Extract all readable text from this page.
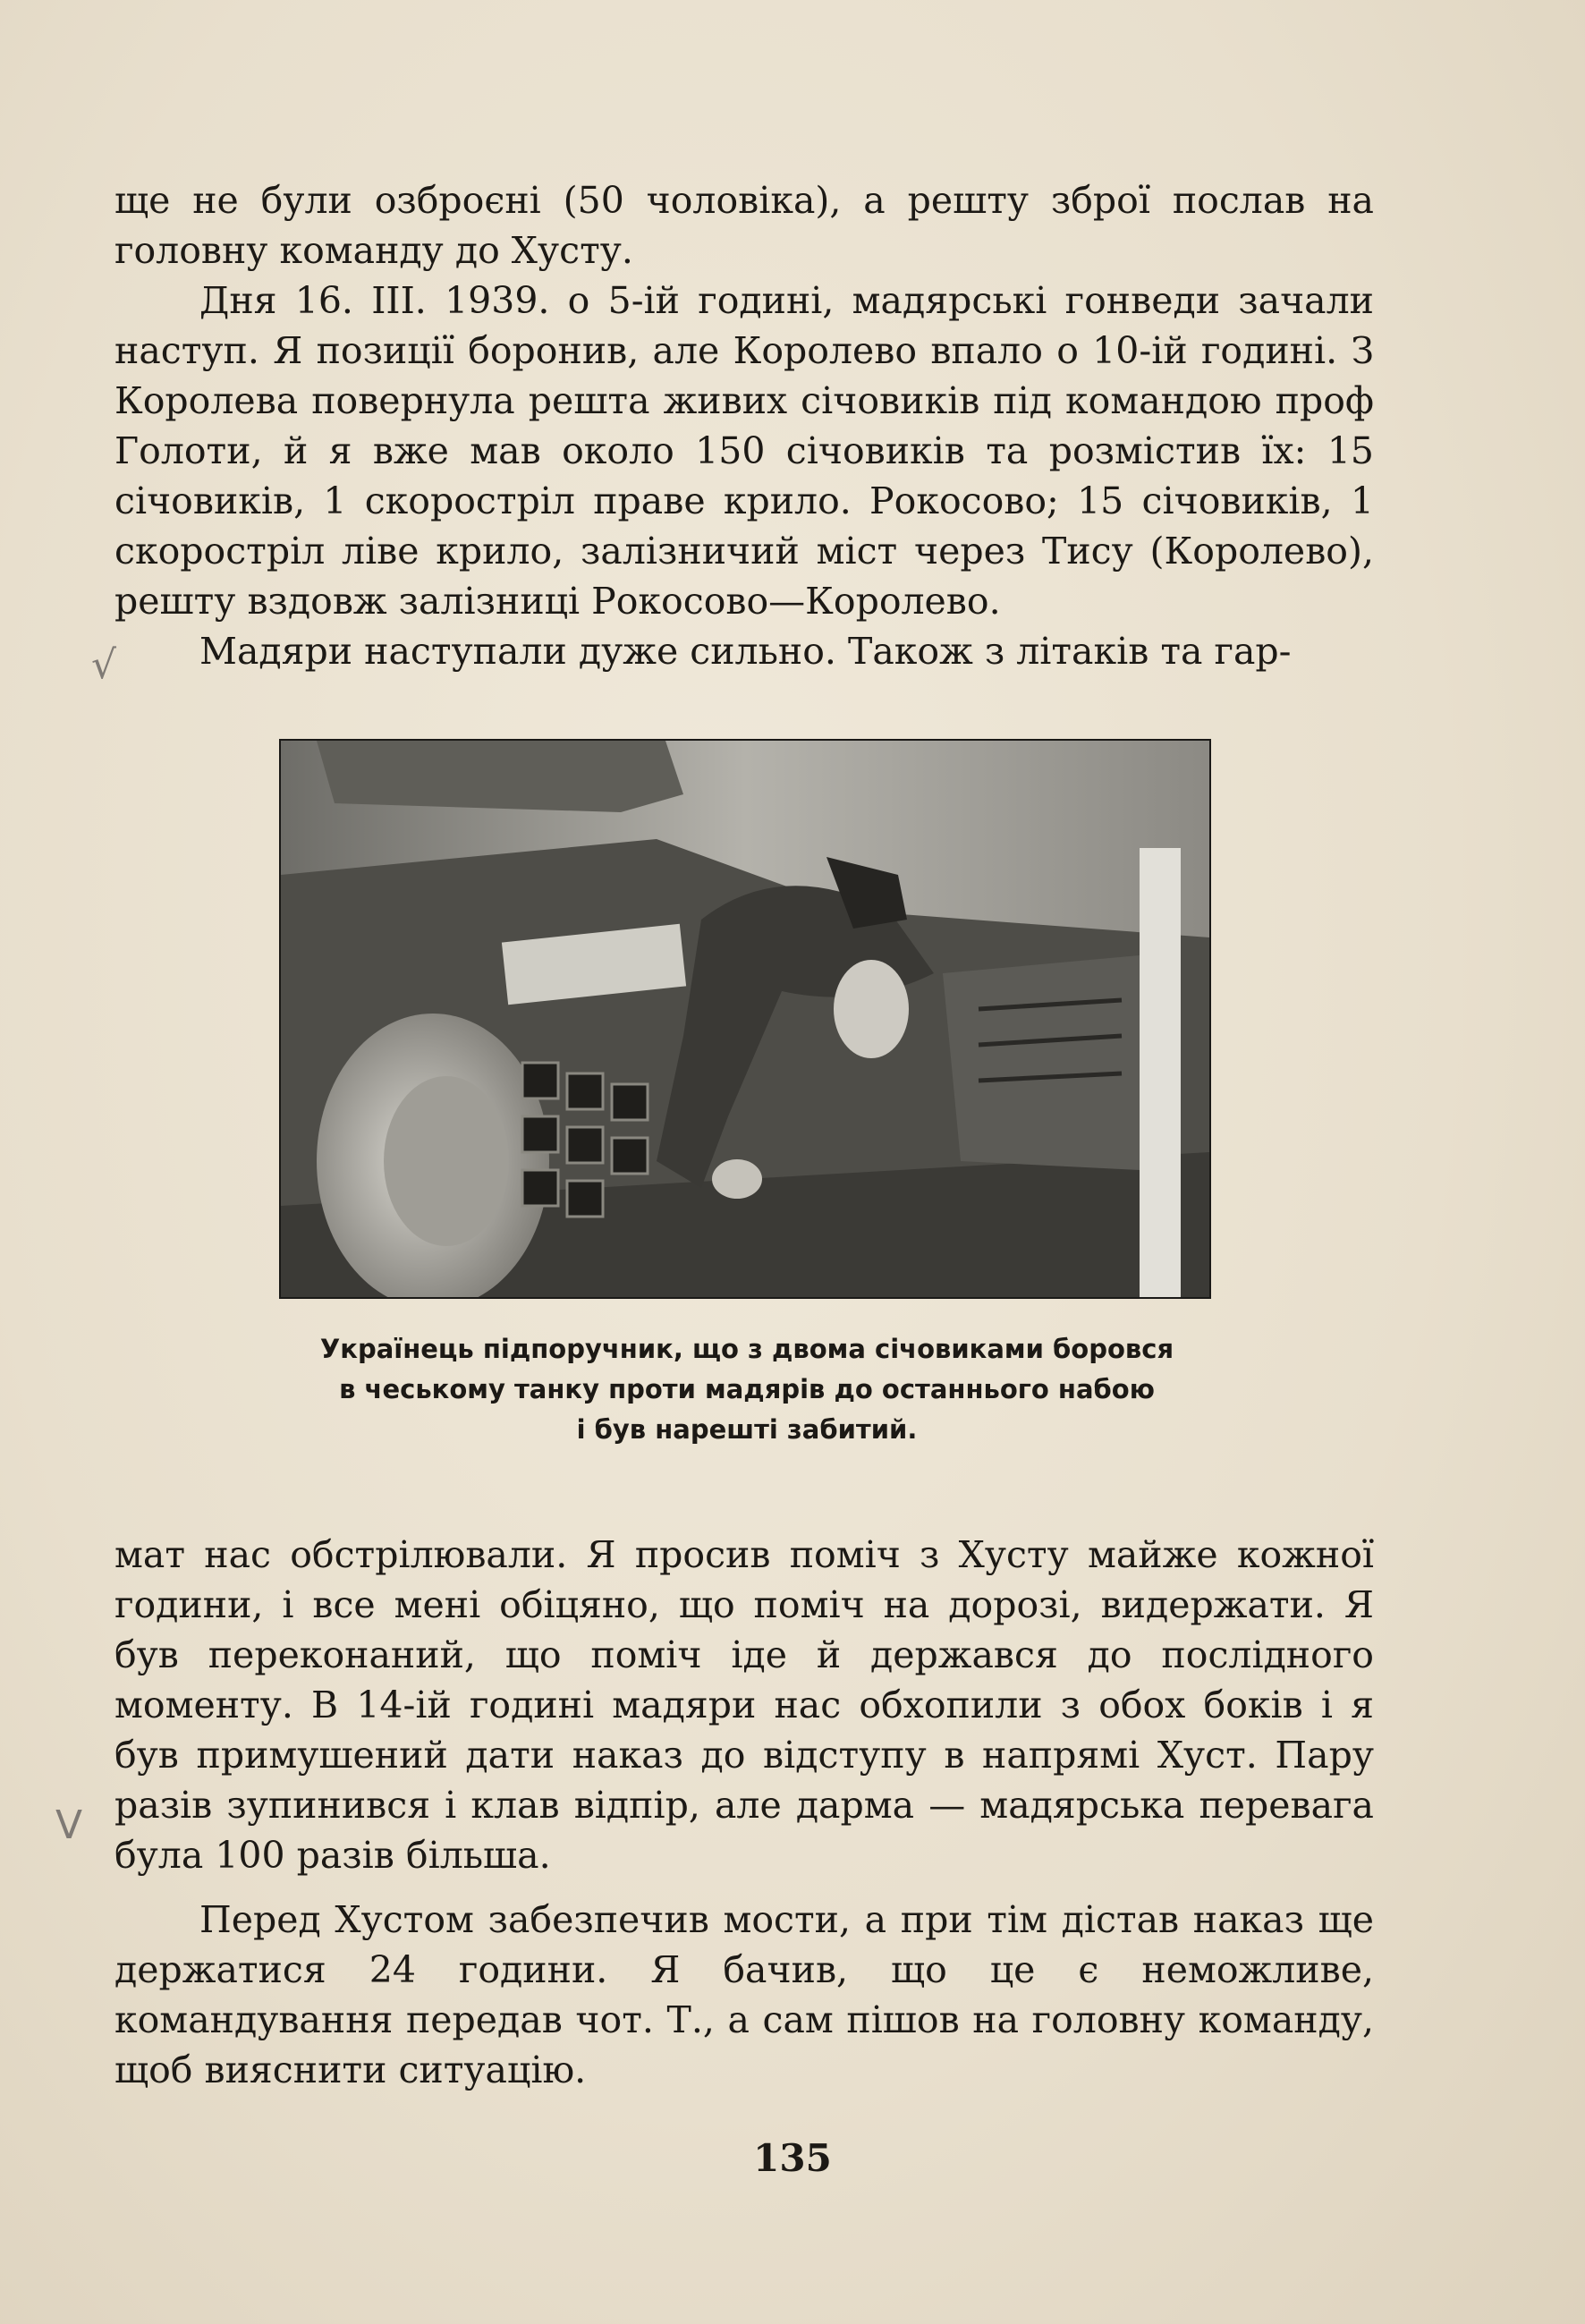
ще не були озброєні (50 чоловіка), а решту зброї послав на головну команду до Хусту.

Дня 16. III. 1939. о 5-ій годині, мадярські гонведи зачали наступ. Я позиції боронив, але Королево впало о 10-ій годині. З Королева повернула решта живих січовиків під командою проф Голоти, й я вже мав около 150 січовиків та розмістив їх: 15 січовиків, 1 скоростріл праве крило. Рокосово; 15 січовиків, 1 скоростріл ліве крило, залізничий міст через Тису (Королево), решту вздовж залізниці Рокосово—Королево.

Мадяри наступали дуже сильно. Також з літаків та гар-

√
Українець підпоручник, що з двома січовиками боровся
в чеському танку проти мадярів до останнього набою
і був нарешті забитий.

мат нас обстрілювали. Я просив поміч з Хусту майже кожної години, і все мені обіцяно, що поміч на дорозі, видержати. Я був переконаний, що поміч іде й держався до послідного моменту. В 14-ій годині мадяри нас обхопили з обох боків і я був примушений дати наказ до відступу в напрямі Хуст. Пару разів зупинився і клав відпір, але дарма — мадярська перевага була 100 разів більша.

Перед Хустом забезпечив мости, а при тім дістав наказ ще держатися 24 години. Я бачив, що це є неможливе, командування передав чот. Т., а сам пішов на головну команду, щоб вияснити ситуацію.

V
135
